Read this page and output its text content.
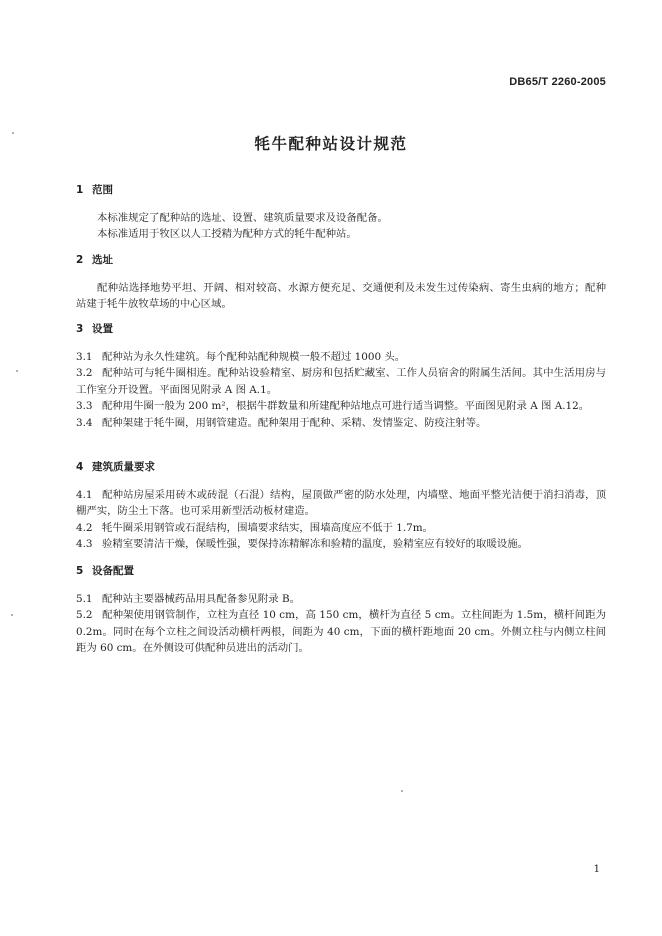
DB65/T 2260-2005
牦牛配种站设计规范
1 范围

本标准规定了配种站的选址、设置、建筑质量要求及设备配备。

本标准适用于牧区以人工授精为配种方式的牦牛配种站。

2 选址

配种站选择地势平坦、开阔、相对较高、水源方便充足、交通便利及未发生过传染病、寄生虫病的地方；配种站建于牦牛放牧草场的中心区域。

3 设置

3.1 配种站为永久性建筑。每个配种站配种规模一般不超过 1000 头。

3.2 配种站可与牦牛圈相连。配种站设验精室、厨房和包括贮藏室、工作人员宿舍的附属生活间。其中生活用房与工作室分开设置。平面图见附录 A 图 A.1。

3.3 配种用牛圈一般为 200 m²，根据牛群数量和所建配种站地点可进行适当调整。平面图见附录 A 图 A.12。

3.4 配种架建于牦牛圈，用钢管建造。配种架用于配种、采精、发情鉴定、防疫注射等。

4 建筑质量要求

4.1 配种站房屋采用砖木或砖混（石混）结构，屋顶做严密的防水处理，内墙壁、地面平整光洁便于消扫消毒，顶棚严实，防尘土下落。也可采用新型活动板材建造。

4.2 牦牛圈采用钢管或石混结构，围墙要求结实，围墙高度应不低于 1.7m。

4.3 验精室要清洁干燥，保暖性强，要保持冻精解冻和验精的温度，验精室应有较好的取暖设施。

5 设备配置

5.1 配种站主要器械药品用具配备参见附录 B。

5.2 配种架使用钢管制作，立柱为直径 10 cm，高 150 cm，横杆为直径 5 cm。立柱间距为 1.5m，横杆间距为 0.2m。同时在每个立柱之间设活动横杆两根，间距为 40 cm，下面的横杆距地面 20 cm。外侧立柱与内侧立柱间距为 60 cm。在外侧设可供配种员进出的活动门。

1
